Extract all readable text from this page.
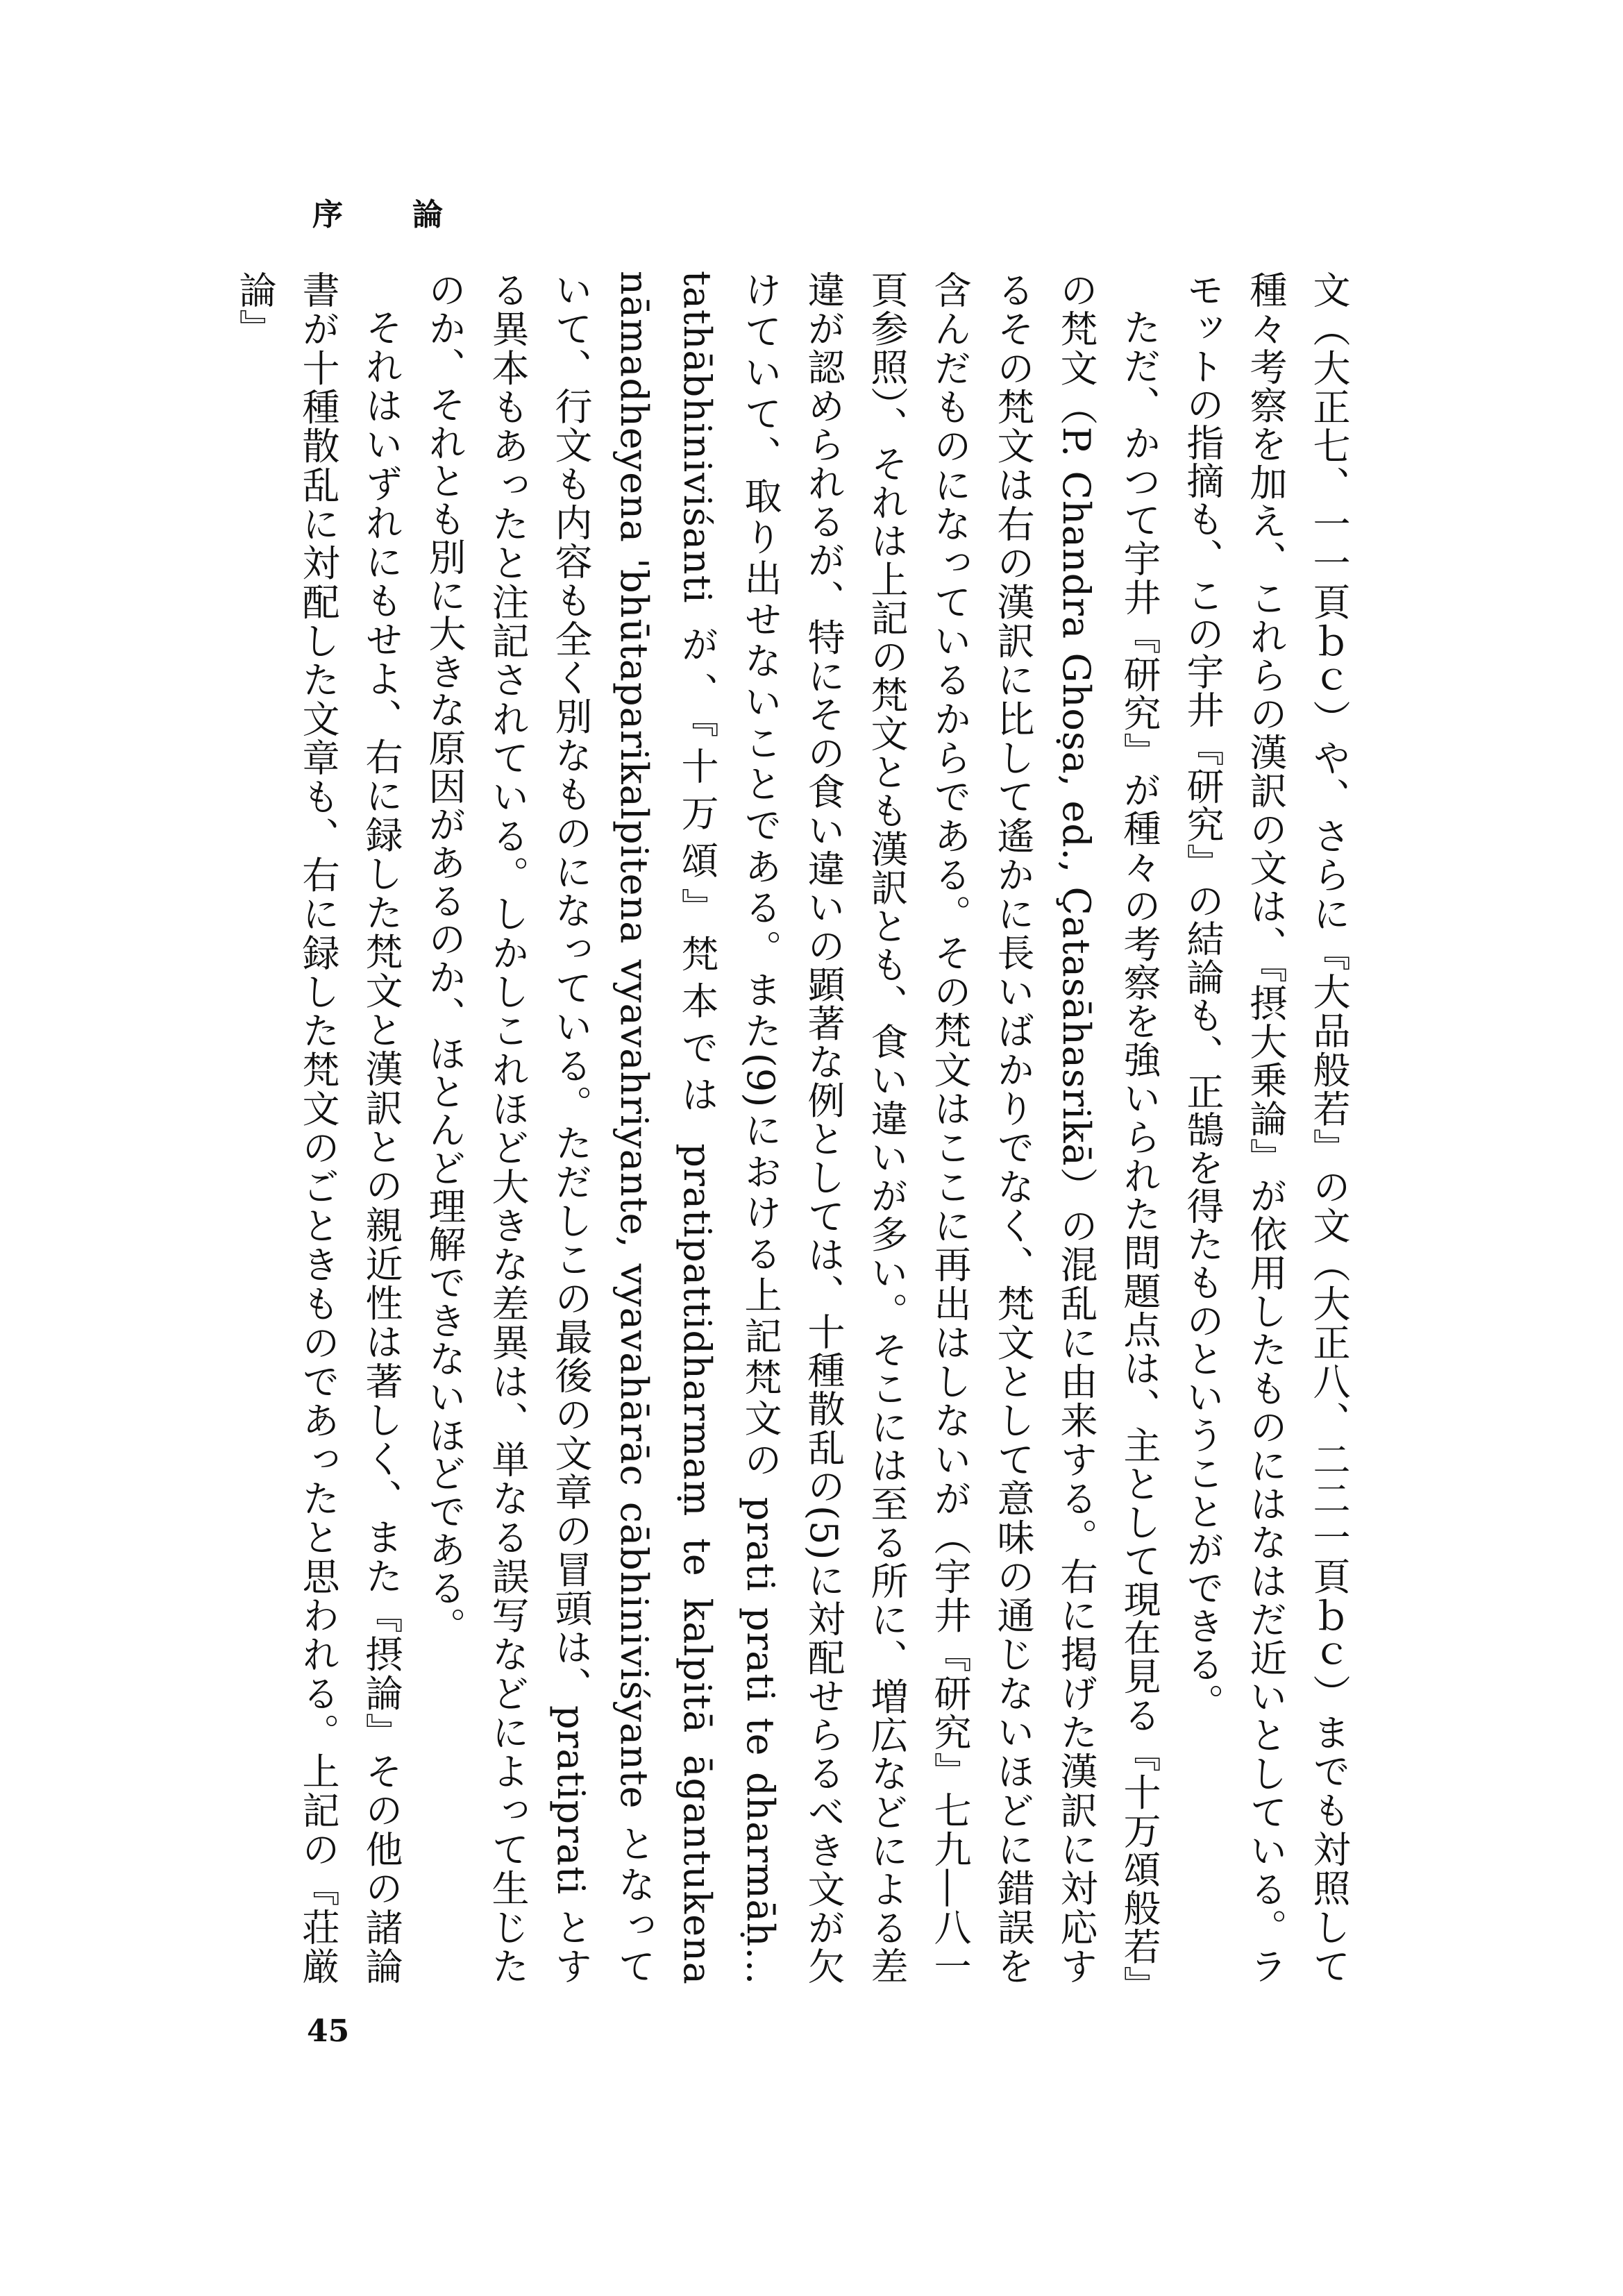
序論

文（大正七、一一頁ｂｃ）や、さらに『大品般若』の文（大正八、二二一頁ｂｃ）までも対照して種々考察を加え、これらの漢訳の文は、『摂大乗論』が依用したものにはなはだ近いとしている。ラモットの指摘も、この宇井『研究』の結論も、正鵠を得たものということができる。

ただ、かつて宇井『研究』が種々の考察を強いられた問題点は、主として現在見る『十万頌般若』の梵文（P. Chandra Ghoṣa, ed., Çatasāhasrikā）の混乱に由来する。右に掲げた漢訳に対応するその梵文は右の漢訳に比して遙かに長いばかりでなく、梵文として意味の通じないほどに錯誤を含んだものになっているからである。その梵文はここに再出はしないが（宇井『研究』七九―八一頁参照）、それは上記の梵文とも漢訳とも、食い違いが多い。そこには至る所に、増広などによる差違が認められるが、特にその食い違いの顕著な例としては、十種散乱の(5)に対配せらるべき文が欠けていて、取り出せないことである。また(9)における上記梵文の prati prati te dharmāḥ... tathābhiniviśanti が、『十万頌』梵本では pratipattidharmaṃ te kalpitā āgantukena nāmadheyena 'bhūtaparikalpitena vyavahriyante, vyavahārāc cābhiniviśyante となっていて、行文も内容も全く別なものになっている。ただしこの最後の文章の冒頭は、pratiprati とする異本もあったと注記されている。しかしこれほど大きな差異は、単なる誤写などによって生じたのか、それとも別に大きな原因があるのか、ほとんど理解できないほどである。

それはいずれにもせよ、右に録した梵文と漢訳との親近性は著しく、また『摂論』その他の諸論書が十種散乱に対配した文章も、右に録した梵文のごときものであったと思われる。上記の『荘厳論』

45
